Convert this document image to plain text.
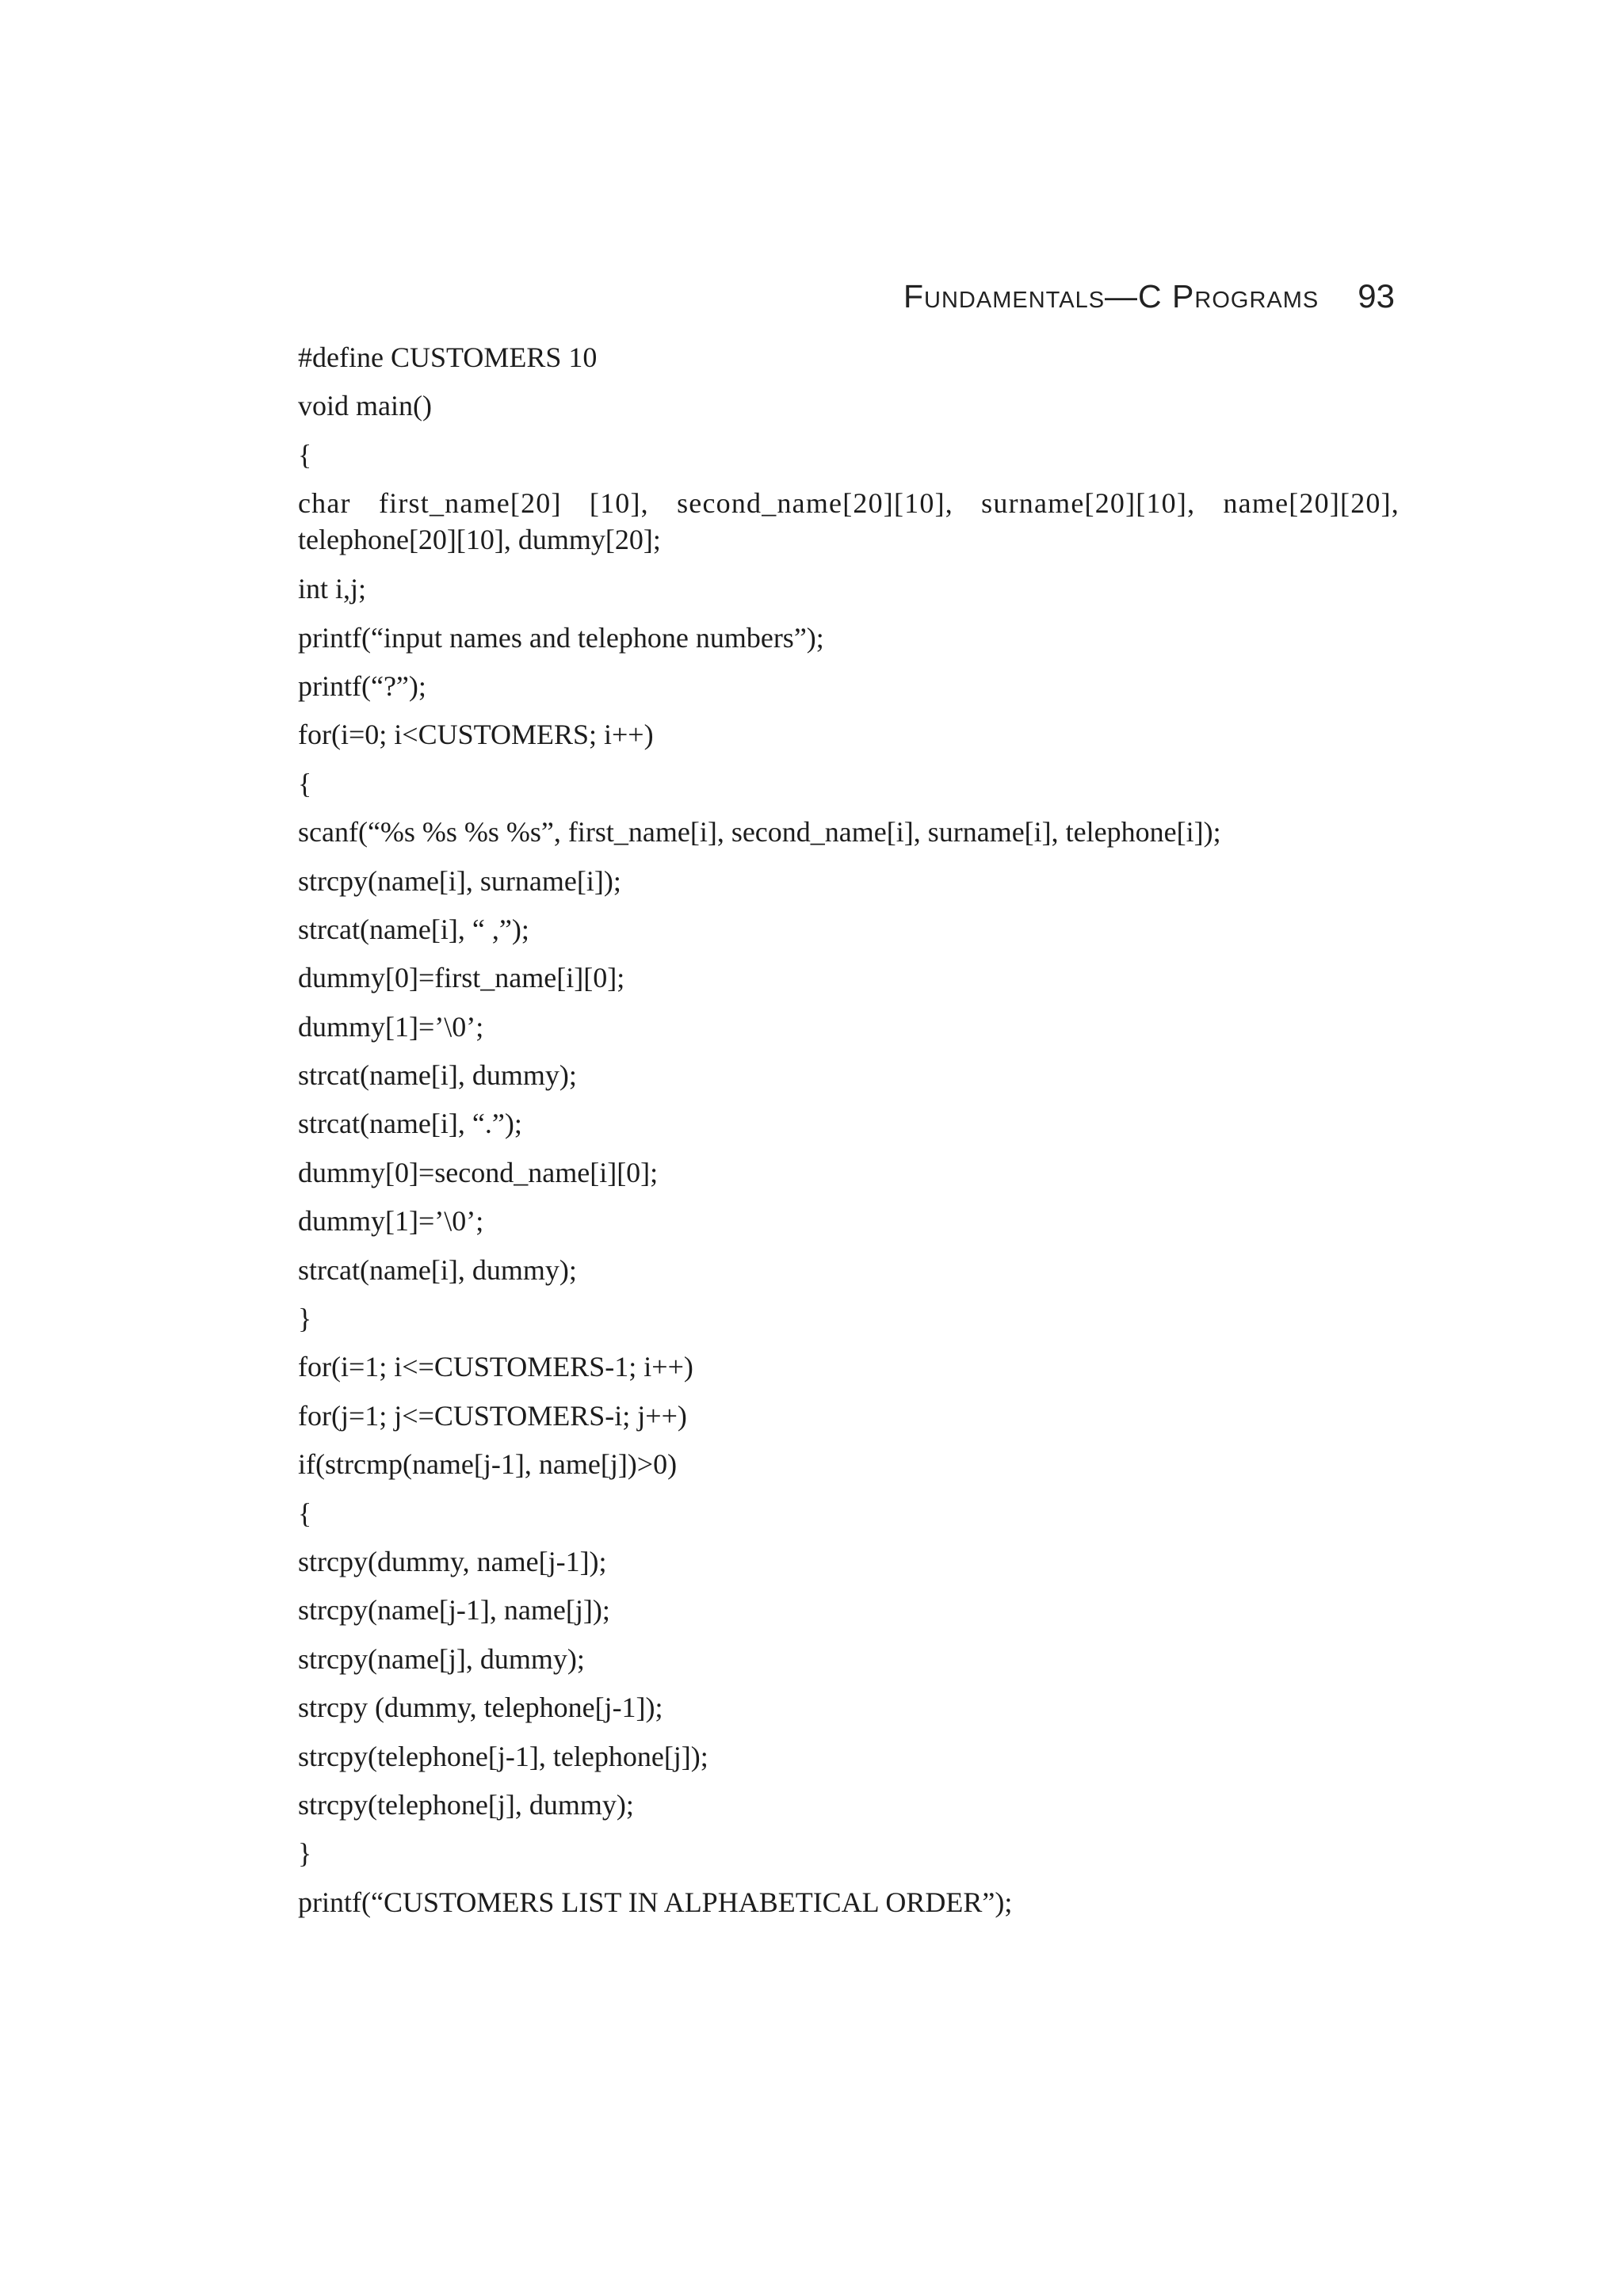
Fundamentals—C Programs 93
#define CUSTOMERS 10
void main()
{
char first_name[20] [10], second_name[20][10], surname[20][10], name[20][20],
telephone[20][10], dummy[20];
int i,j;
printf(“input names and telephone numbers”);
printf(“?”);
for(i=0; i<CUSTOMERS; i++)
{
scanf(“%s %s %s %s”, first_name[i], second_name[i], surname[i], telephone[i]);
strcpy(name[i], surname[i]);
strcat(name[i], “ ,”);
dummy[0]=first_name[i][0];
dummy[1]=’\0’;
strcat(name[i], dummy);
strcat(name[i], “.”);
dummy[0]=second_name[i][0];
dummy[1]=’\0’;
strcat(name[i], dummy);
}
for(i=1; i<=CUSTOMERS-1; i++)
for(j=1; j<=CUSTOMERS-i; j++)
if(strcmp(name[j-1], name[j])>0)
{
strcpy(dummy, name[j-1]);
strcpy(name[j-1], name[j]);
strcpy(name[j], dummy);
strcpy (dummy, telephone[j-1]);
strcpy(telephone[j-1], telephone[j]);
strcpy(telephone[j], dummy);
}
printf(“CUSTOMERS LIST IN ALPHABETICAL ORDER”);
